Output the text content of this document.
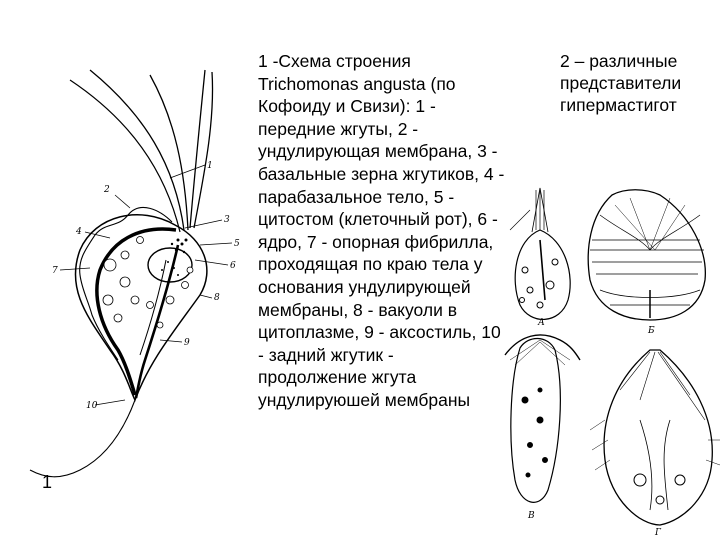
1
2
3
4
5
6
7
8
9
10
1
1 -Схема строения Trichomonas angusta (по Кофоиду и Свизи): 1 - передние жгуты, 2 - ундулирующая мембрана, 3 - базальные зерна жгутиков, 4 - парабазальное тело, 5 - цитостом (клеточный рот), 6 - ядро, 7 - опорная фибрилла, проходящая по краю тела у основания ундулирующей мембраны, 8 - вакуоли в цитоплазме, 9 - аксостиль, 10 - задний жгутик - продолжение жгута ундулируюшей мембраны
2 – различные представители гипермастигот
А
Б
В
Г
